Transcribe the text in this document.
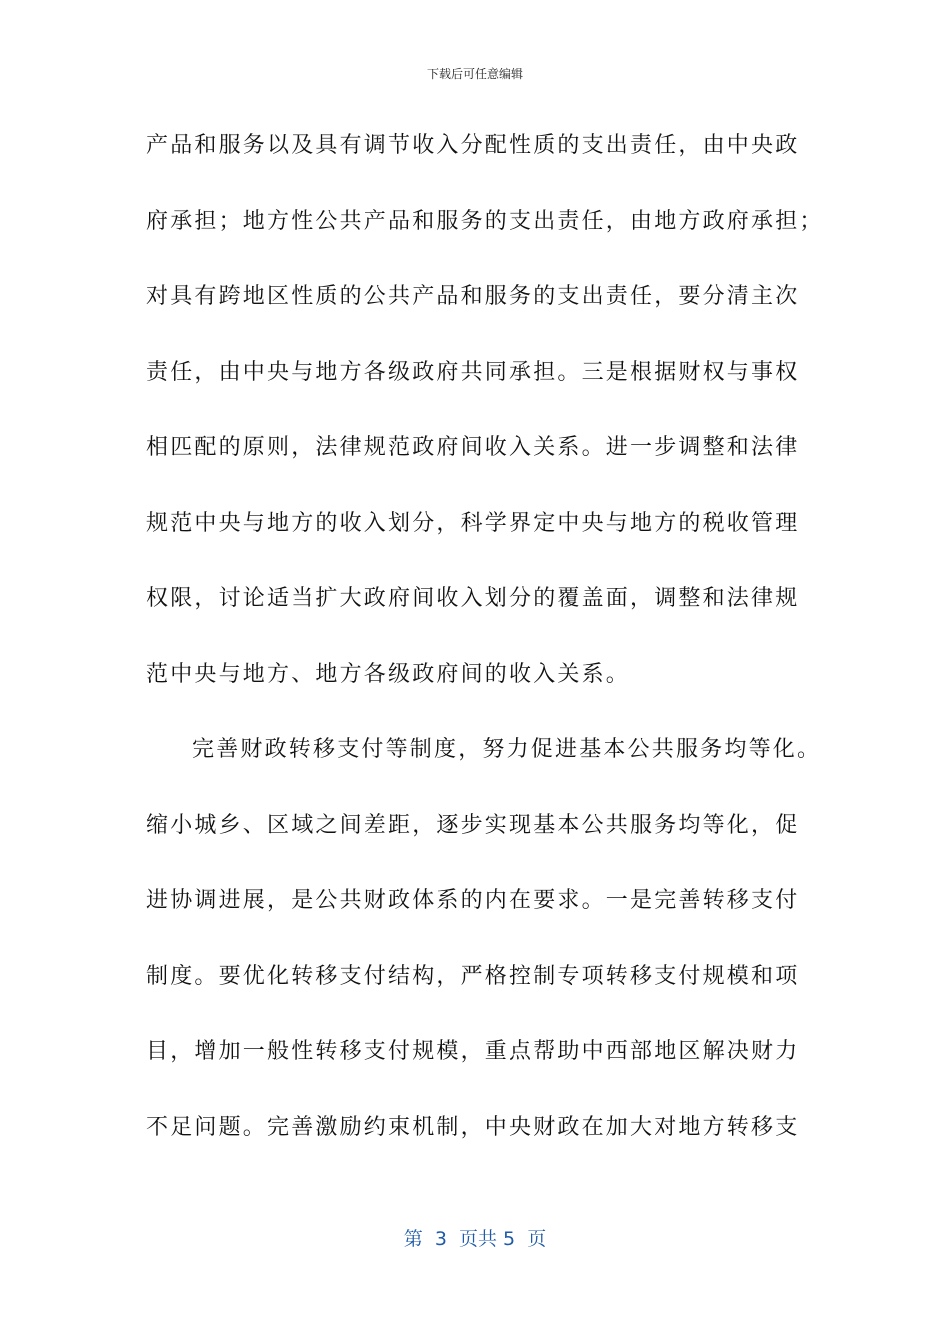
下载后可任意编辑
产品和服务以及具有调节收入分配性质的支出责任，由中央政
府承担；地方性公共产品和服务的支出责任，由地方政府承担；
对具有跨地区性质的公共产品和服务的支出责任，要分清主次
责任，由中央与地方各级政府共同承担。三是根据财权与事权
相匹配的原则，法律规范政府间收入关系。进一步调整和法律
规范中央与地方的收入划分，科学界定中央与地方的税收管理
权限，讨论适当扩大政府间收入划分的覆盖面，调整和法律规
范中央与地方、地方各级政府间的收入关系。
完善财政转移支付等制度，努力促进基本公共服务均等化。
缩小城乡、区域之间差距，逐步实现基本公共服务均等化，促
进协调进展，是公共财政体系的内在要求。一是完善转移支付
制度。要优化转移支付结构，严格控制专项转移支付规模和项
目，增加一般性转移支付规模，重点帮助中西部地区解决财力
不足问题。完善激励约束机制，中央财政在加大对地方转移支
第  3  页共 5  页
